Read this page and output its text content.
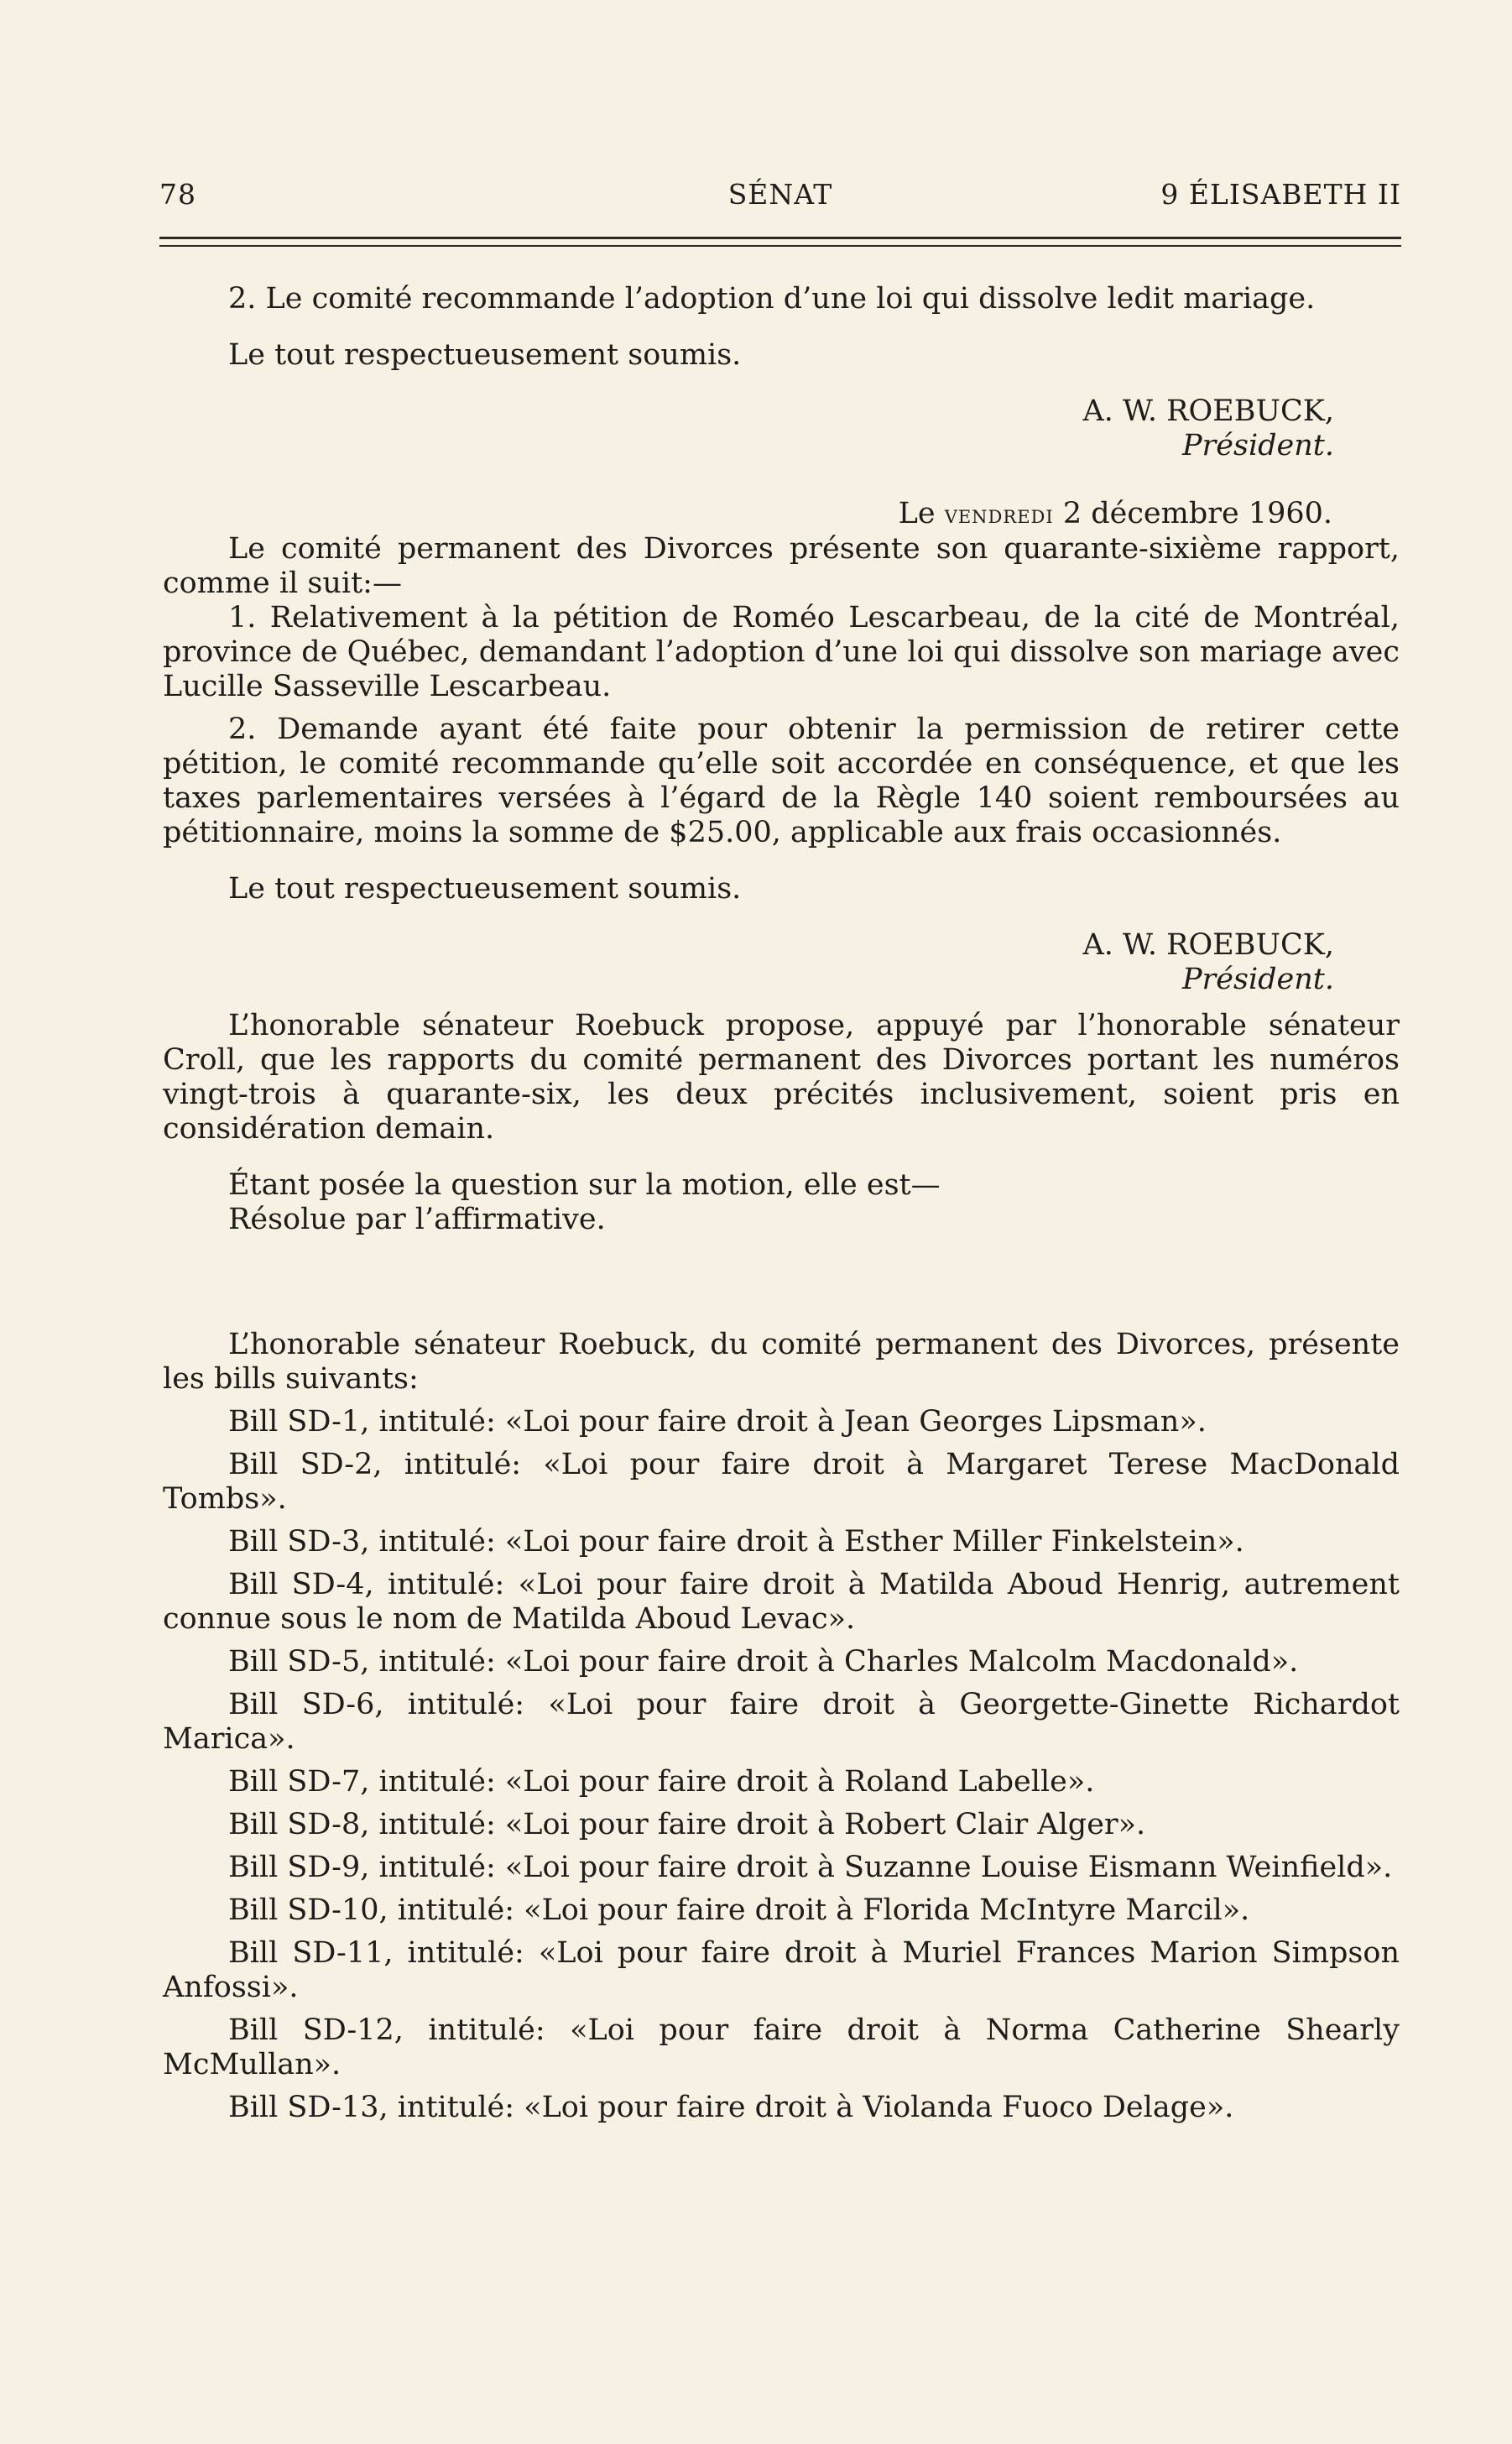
78	SÉNAT	9 ÉLISABETH II

2. Le comité recommande l’adoption d’une loi qui dissolve ledit mariage.

Le tout respectueusement soumis.

A. W. ROEBUCK,

Président.

Le vendredi 2 décembre 1960.

Le comité permanent des Divorces présente son quarante-sixième rapport, comme il suit:—

1. Relativement à la pétition de Roméo Lescarbeau, de la cité de Montréal, province de Québec, demandant l’adoption d’une loi qui dissolve son mariage avec Lucille Sasseville Lescarbeau.

2. Demande ayant été faite pour obtenir la permission de retirer cette pétition, le comité recommande qu’elle soit accordée en conséquence, et que les taxes parlementaires versées à l’égard de la Règle 140 soient remboursées au pétitionnaire, moins la somme de $25.00, applicable aux frais occasionnés.

Le tout respectueusement soumis.

A. W. ROEBUCK,

Président.

L’honorable sénateur Roebuck propose, appuyé par l’honorable sénateur Croll, que les rapports du comité permanent des Divorces portant les numéros vingt-trois à quarante-six, les deux précités inclusivement, soient pris en considération demain.

Étant posée la question sur la motion, elle est—

Résolue par l’affirmative.

L’honorable sénateur Roebuck, du comité permanent des Divorces, présente les bills suivants:

Bill SD-1, intitulé: «Loi pour faire droit à Jean Georges Lipsman».

Bill SD-2, intitulé: «Loi pour faire droit à Margaret Terese MacDonald Tombs».

Bill SD-3, intitulé: «Loi pour faire droit à Esther Miller Finkelstein».

Bill SD-4, intitulé: «Loi pour faire droit à Matilda Aboud Henrig, autrement connue sous le nom de Matilda Aboud Levac».

Bill SD-5, intitulé: «Loi pour faire droit à Charles Malcolm Macdonald».

Bill SD-6, intitulé: «Loi pour faire droit à Georgette-Ginette Richardot Marica».

Bill SD-7, intitulé: «Loi pour faire droit à Roland Labelle».

Bill SD-8, intitulé: «Loi pour faire droit à Robert Clair Alger».

Bill SD-9, intitulé: «Loi pour faire droit à Suzanne Louise Eismann Weinfield».

Bill SD-10, intitulé: «Loi pour faire droit à Florida McIntyre Marcil».

Bill SD-11, intitulé: «Loi pour faire droit à Muriel Frances Marion Simpson Anfossi».

Bill SD-12, intitulé: «Loi pour faire droit à Norma Catherine Shearly McMullan».

Bill SD-13, intitulé: «Loi pour faire droit à Violanda Fuoco Delage».
